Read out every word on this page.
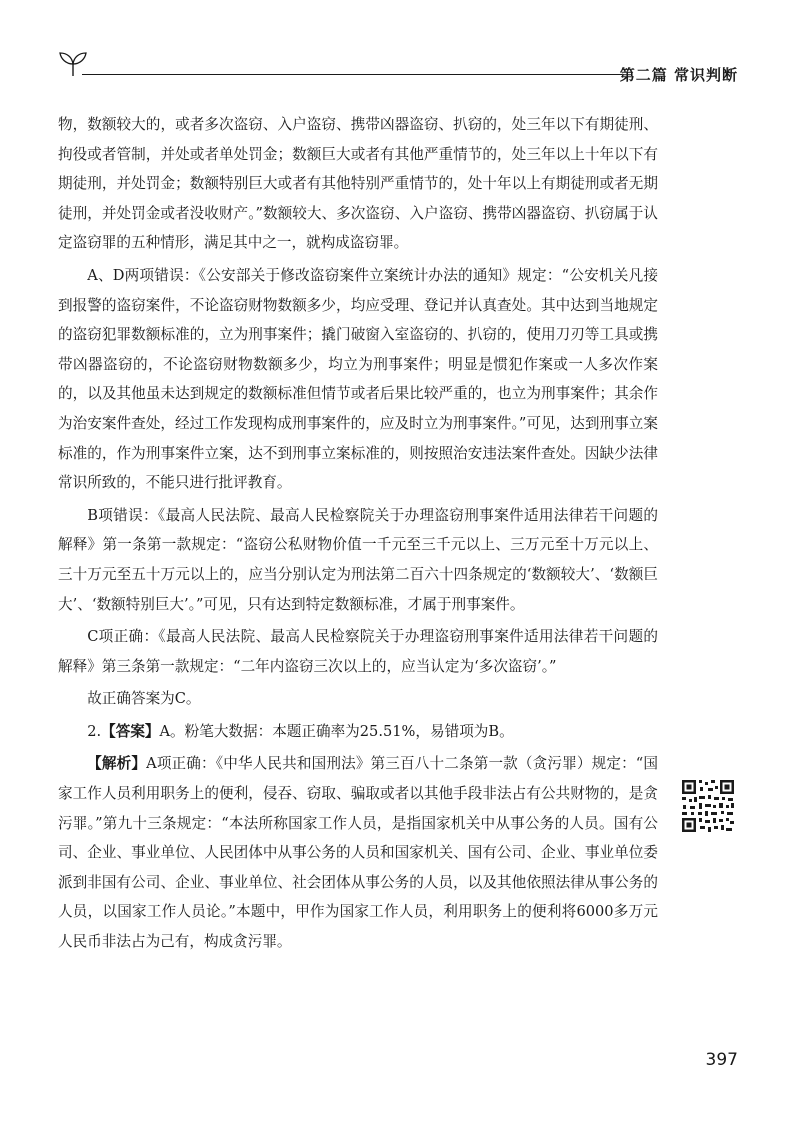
第二篇 常识判断

物，数额较大的，或者多次盗窃、入户盗窃、携带凶器盗窃、扒窃的，处三年以下有期徒刑、拘役或者管制，并处或者单处罚金；数额巨大或者有其他严重情节的，处三年以上十年以下有期徒刑，并处罚金；数额特别巨大或者有其他特别严重情节的，处十年以上有期徒刑或者无期徒刑，并处罚金或者没收财产。”数额较大、多次盗窃、入户盗窃、携带凶器盗窃、扒窃属于认定盗窃罪的五种情形，满足其中之一，就构成盗窃罪。

A、D两项错误：《公安部关于修改盗窃案件立案统计办法的通知》规定：“公安机关凡接到报警的盗窃案件，不论盗窃财物数额多少，均应受理、登记并认真查处。其中达到当地规定的盗窃犯罪数额标准的，立为刑事案件；撬门破窗入室盗窃的、扒窃的，使用刀刃等工具或携带凶器盗窃的，不论盗窃财物数额多少，均立为刑事案件；明显是惯犯作案或一人多次作案的，以及其他虽未达到规定的数额标准但情节或者后果比较严重的，也立为刑事案件；其余作为治安案件查处，经过工作发现构成刑事案件的，应及时立为刑事案件。”可见，达到刑事立案标准的，作为刑事案件立案，达不到刑事立案标准的，则按照治安违法案件查处。因缺少法律常识所致的，不能只进行批评教育。

B项错误：《最高人民法院、最高人民检察院关于办理盗窃刑事案件适用法律若干问题的解释》第一条第一款规定：“盗窃公私财物价值一千元至三千元以上、三万元至十万元以上、三十万元至五十万元以上的，应当分别认定为刑法第二百六十四条规定的‘数额较大’、‘数额巨大’、‘数额特别巨大’。”可见，只有达到特定数额标准，才属于刑事案件。

C项正确：《最高人民法院、最高人民检察院关于办理盗窃刑事案件适用法律若干问题的解释》第三条第一款规定：“二年内盗窃三次以上的，应当认定为‘多次盗窃’。”

故正确答案为C。

2.【答案】A。粉笔大数据：本题正确率为25.51%，易错项为B。

【解析】A项正确：《中华人民共和国刑法》第三百八十二条第一款（贪污罪）规定：“国家工作人员利用职务上的便利，侵吞、窃取、骗取或者以其他手段非法占有公共财物的，是贪污罪。”第九十三条规定：“本法所称国家工作人员，是指国家机关中从事公务的人员。国有公司、企业、事业单位、人民团体中从事公务的人员和国家机关、国有公司、企业、事业单位委派到非国有公司、企业、事业单位、社会团体从事公务的人员，以及其他依照法律从事公务的人员，以国家工作人员论。”本题中，甲作为国家工作人员，利用职务上的便利将6000多万元人民币非法占为己有，构成贪污罪。

397
